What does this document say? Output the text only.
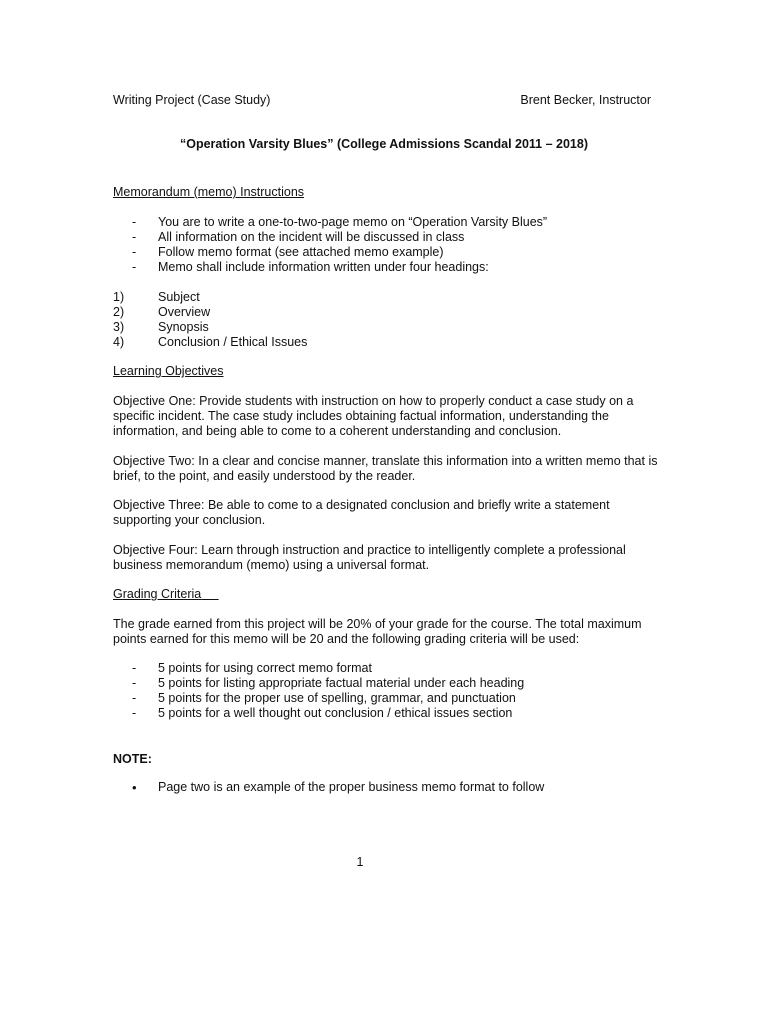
Writing Project (Case Study)	Brent Becker, Instructor
“Operation Varsity Blues” (College Admissions Scandal 2011 – 2018)
Memorandum (memo) Instructions
- You are to write a one-to-two-page memo on “Operation Varsity Blues”
- All information on the incident will be discussed in class
- Follow memo format (see attached memo example)
- Memo shall include information written under four headings:
1)	Subject
2)	Overview
3)	Synopsis
4)	Conclusion / Ethical Issues
Learning Objectives

Objective One: Provide students with instruction on how to properly conduct a case study on a specific incident. The case study includes obtaining factual information, understanding the information, and being able to come to a coherent understanding and conclusion.

Objective Two: In a clear and concise manner, translate this information into a written memo that is brief, to the point, and easily understood by the reader.

Objective Three: Be able to come to a designated conclusion and briefly write a statement supporting your conclusion.

Objective Four: Learn through instruction and practice to intelligently complete a professional business memorandum (memo) using a universal format.

Grading Criteria

The grade earned from this project will be 20% of your grade for the course. The total maximum points earned for this memo will be 20 and the following grading criteria will be used:

- 5 points for using correct memo format
- 5 points for listing appropriate factual material under each heading
- 5 points for the proper use of spelling, grammar, and punctuation
- 5 points for a well thought out conclusion / ethical issues section
NOTE:
• Page two is an example of the proper business memo format to follow
1
